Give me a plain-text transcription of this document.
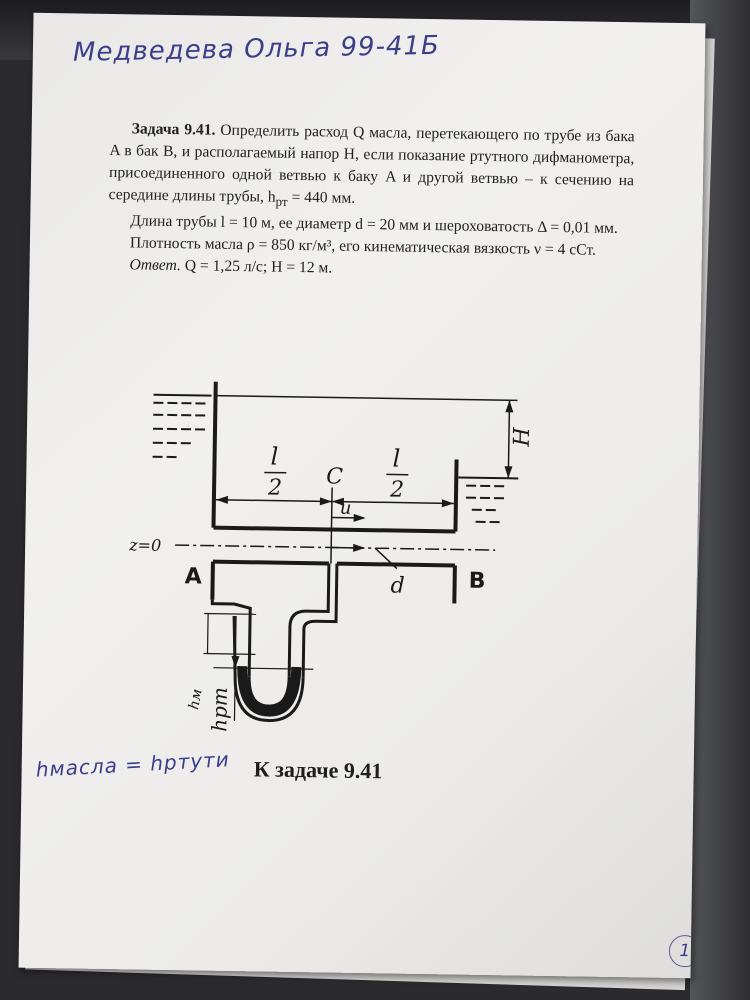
Медведева Ольга 99-41Б

Задача 9.41. Определить расход Q масла, перетекающего по трубе из бака A в бак B, и располагаемый напор H, если показание ртутного дифманометра, присоединенного одной ветвью к баку A и другой ветвью – к сечению на середине длины трубы, $h_{рт} = 440$ мм.

Длина трубы l = 10 м, ее диаметр d = 20 мм и шероховатость Δ = 0,01 мм.

Плотность масла ρ = 850 кг/м³, его кинематическая вязкость ν = 4 сСт.

Ответ. Q = 1,25 л/с; H = 12 м.

l
2
l
2
C
u
z=0
H
d
hм hрт
A	B
hмасла = hртути К задаче 9.41
1
